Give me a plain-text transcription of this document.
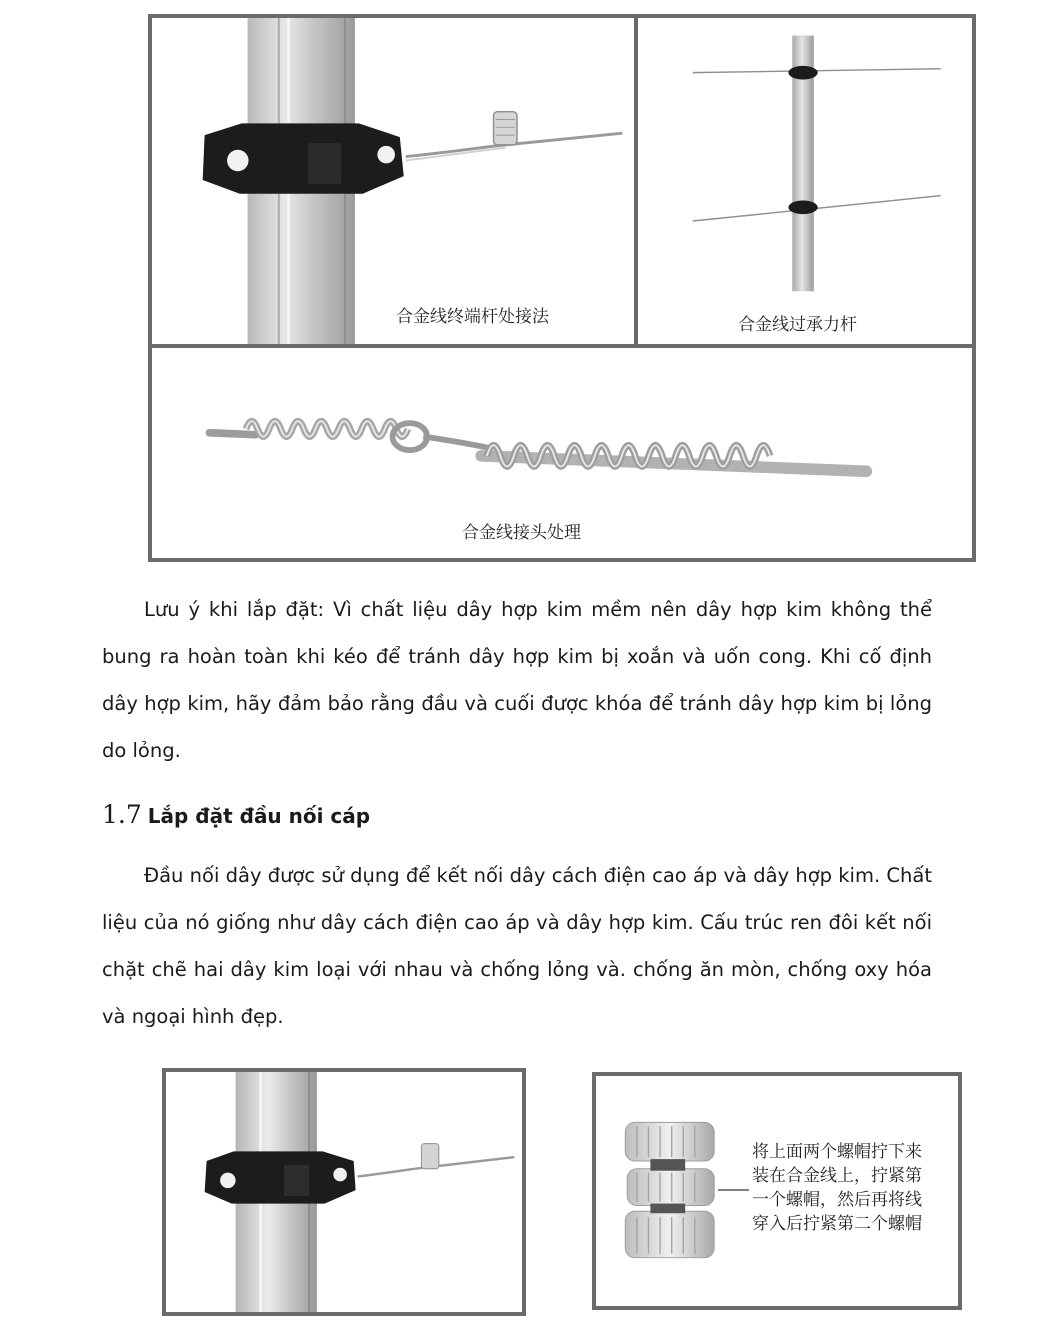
合金线终端杆处接法	合金线过承力杆
合金线接头处理

Lưu ý khi lắp đặt: Vì chất liệu dây hợp kim mềm nên dây hợp kim không thể bung ra hoàn toàn khi kéo để tránh dây hợp kim bị xoắn và uốn cong. Khi cố định dây hợp kim, hãy đảm bảo rằng đầu và cuối được khóa để tránh dây hợp kim bị lỏng do lỏng.

1.7 Lắp đặt đầu nối cáp

Đầu nối dây được sử dụng để kết nối dây cách điện cao áp và dây hợp kim. Chất liệu của nó giống như dây cách điện cao áp và dây hợp kim. Cấu trúc ren đôi kết nối chặt chẽ hai dây kim loại với nhau và chống lỏng và. chống ăn mòn, chống oxy hóa và ngoại hình đẹp.

将上面两个螺帽拧下来
装在合金线上，拧紧第
一个螺帽，然后再将线
穿入后拧紧第二个螺帽
